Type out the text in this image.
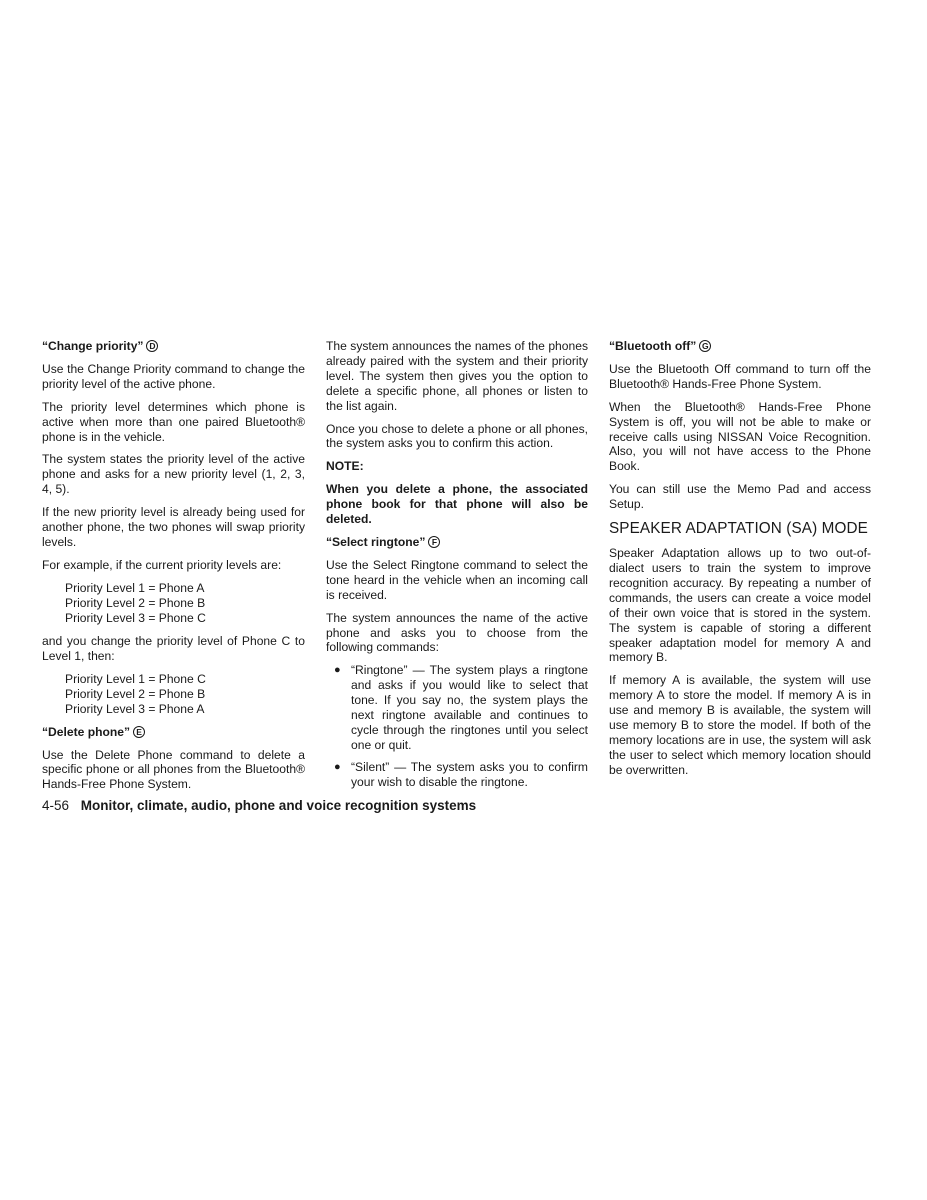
“Change priority” D

Use the Change Priority command to change the priority level of the active phone.

The priority level determines which phone is active when more than one paired Bluetooth® phone is in the vehicle.

The system states the priority level of the active phone and asks for a new priority level (1, 2, 3, 4, 5).

If the new priority level is already being used for another phone, the two phones will swap priority levels.

For example, if the current priority levels are:

Priority Level 1 = Phone A
Priority Level 2 = Phone B
Priority Level 3 = Phone C

and you change the priority level of Phone C to Level 1, then:

Priority Level 1 = Phone C
Priority Level 2 = Phone B
Priority Level 3 = Phone A
“Delete phone” E

Use the Delete Phone command to delete a specific phone or all phones from the Bluetooth® Hands-Free Phone System.

The system announces the names of the phones already paired with the system and their priority level. The system then gives you the option to delete a specific phone, all phones or listen to the list again.

Once you chose to delete a phone or all phones, the system asks you to confirm this action.

NOTE:

When you delete a phone, the associated phone book for that phone will also be deleted.

“Select ringtone” F

Use the Select Ringtone command to select the tone heard in the vehicle when an incoming call is received.

The system announces the name of the active phone and asks you to choose from the following commands:

● “Ringtone” — The system plays a ringtone and asks if you would like to select that tone. If you say no, the system plays the next ringtone available and continues to cycle through the ringtones until you select one or quit.
● “Silent” — The system asks you to confirm your wish to disable the ringtone.
“Bluetooth off” G

Use the Bluetooth Off command to turn off the Bluetooth® Hands-Free Phone System.

When the Bluetooth® Hands-Free Phone System is off, you will not be able to make or receive calls using NISSAN Voice Recognition. Also, you will not have access to the Phone Book.

You can still use the Memo Pad and access Setup.

SPEAKER ADAPTATION (SA) MODE

Speaker Adaptation allows up to two out-of-dialect users to train the system to improve recognition accuracy. By repeating a number of commands, the users can create a voice model of their own voice that is stored in the system. The system is capable of storing a different speaker adaptation model for memory A and memory B.

If memory A is available, the system will use memory A to store the model. If memory A is in use and memory B is available, the system will use memory B to store the model. If both of the memory locations are in use, the system will ask the user to select which memory location should be overwritten.

4-56 Monitor, climate, audio, phone and voice recognition systems
